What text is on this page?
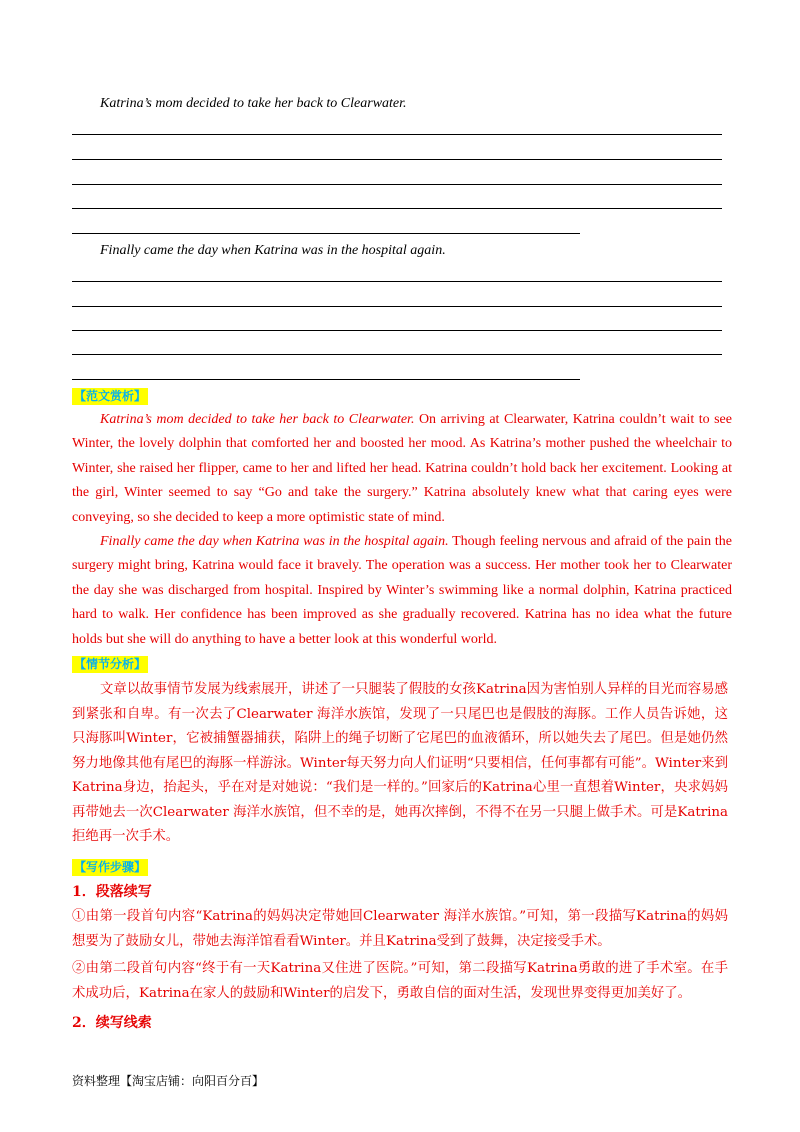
Katrina’s mom decided to take her back to Clearwater.
Finally came the day when Katrina was in the hospital again.
【范文赏析】

Katrina’s mom decided to take her back to Clearwater. On arriving at Clearwater, Katrina couldn’t wait to see Winter, the lovely dolphin that comforted her and boosted her mood. As Katrina’s mother pushed the wheelchair to Winter, she raised her flipper, came to her and lifted her head. Katrina couldn’t hold back her excitement. Looking at the girl, Winter seemed to say “Go and take the surgery.” Katrina absolutely knew what that caring eyes were conveying, so she decided to keep a more optimistic state of mind.

Finally came the day when Katrina was in the hospital again. Though feeling nervous and afraid of the pain the surgery might bring, Katrina would face it bravely. The operation was a success. Her mother took her to Clearwater the day she was discharged from hospital. Inspired by Winter’s swimming like a normal dolphin, Katrina practiced hard to walk. Her confidence has been improved as she gradually recovered. Katrina has no idea what the future holds but she will do anything to have a better look at this wonderful world.

【情节分析】

文章以故事情节发展为线索展开，讲述了一只腿装了假肢的女孩Katrina因为害怕别人异样的目光而容易感到紧张和自卑。有一次去了Clearwater 海洋水族馆，发现了一只尾巴也是假肢的海豚。工作人员告诉她，这只海豚叫Winter，它被捕蟹器捕获，陷阱上的绳子切断了它尾巴的血液循环，所以她失去了尾巴。但是她仍然努力地像其他有尾巴的海豚一样游泳。Winter每天努力向人们证明“只要相信，任何事都有可能”。Winter来到Katrina身边，抬起头，乎在对是对她说：“我们是一样的。”回家后的Katrina心里一直想着Winter，央求妈妈再带她去一次Clearwater 海洋水族馆，但不幸的是，她再次摔倒，不得不在另一只腿上做手术。可是Katrina拒绝再一次手术。

【写作步骤】
1．段落续写

①由第一段首句内容“Katrina的妈妈决定带她回Clearwater 海洋水族馆。”可知，第一段描写Katrina的妈妈想要为了鼓励女儿，带她去海洋馆看看Winter。并且Katrina受到了鼓舞，决定接受手术。

②由第二段首句内容“终于有一天Katrina又住进了医院。”可知，第二段描写Katrina勇敢的进了手术室。在手术成功后，Katrina在家人的鼓励和Winter的启发下，勇敢自信的面对生活，发现世界变得更加美好了。

2．续写线索
资料整理【淘宝店铺：向阳百分百】
